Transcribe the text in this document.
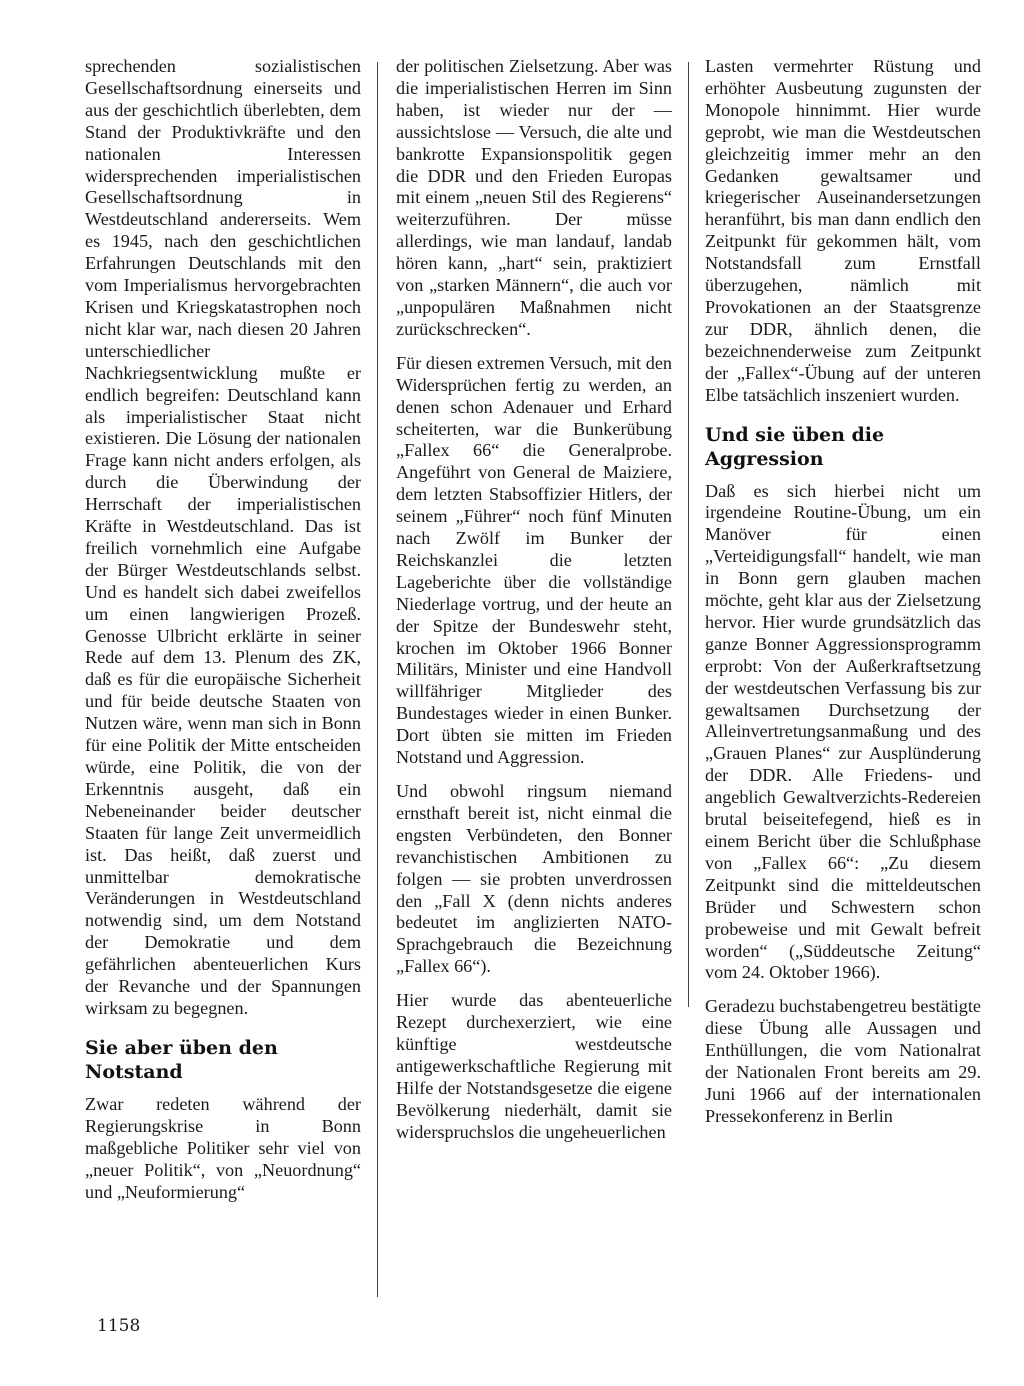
sprechenden sozialistischen Gesellschaftsordnung einerseits und aus der geschichtlich überlebten, dem Stand der Produktivkräfte und den nationalen Interessen widersprechenden imperialistischen Gesellschaftsordnung in Westdeutschland andererseits. Wem es 1945, nach den geschichtlichen Erfahrungen Deutschlands mit den vom Imperialismus hervorgebrachten Krisen und Kriegskatastrophen noch nicht klar war, nach diesen 20 Jahren unterschiedlicher Nachkriegsentwicklung mußte er endlich begreifen: Deutschland kann als imperialistischer Staat nicht existieren. Die Lösung der nationalen Frage kann nicht anders erfolgen, als durch die Überwindung der Herrschaft der imperialistischen Kräfte in Westdeutschland. Das ist freilich vornehmlich eine Aufgabe der Bürger Westdeutschlands selbst. Und es handelt sich dabei zweifellos um einen langwierigen Prozeß. Genosse Ulbricht erklärte in seiner Rede auf dem 13. Plenum des ZK, daß es für die europäische Sicherheit und für beide deutsche Staaten von Nutzen wäre, wenn man sich in Bonn für eine Politik der Mitte entscheiden würde, eine Politik, die von der Erkenntnis ausgeht, daß ein Nebeneinander beider deutscher Staaten für lange Zeit unvermeidlich ist. Das heißt, daß zuerst und unmittelbar demokratische Veränderungen in Westdeutschland notwendig sind, um dem Notstand der Demokratie und dem gefährlichen abenteuerlichen Kurs der Revanche und der Spannungen wirksam zu begegnen.

Sie aber üben den Notstand

Zwar redeten während der Regierungskrise in Bonn maßgebliche Politiker sehr viel von „neuer Politik“, von „Neuordnung“ und „Neuformierung“

der politischen Zielsetzung. Aber was die imperialistischen Herren im Sinn haben, ist wieder nur der — aussichtslose — Versuch, die alte und bankrotte Expansionspolitik gegen die DDR und den Frieden Europas mit einem „neuen Stil des Regierens“ weiterzuführen. Der müsse allerdings, wie man landauf, landab hören kann, „hart“ sein, praktiziert von „starken Männern“, die auch vor „unpopulären Maßnahmen nicht zurückschrecken“.

Für diesen extremen Versuch, mit den Widersprüchen fertig zu werden, an denen schon Adenauer und Erhard scheiterten, war die Bunkerübung „Fallex 66“ die Generalprobe. Angeführt von General de Maiziere, dem letzten Stabsoffizier Hitlers, der seinem „Führer“ noch fünf Minuten nach Zwölf im Bunker der Reichskanzlei die letzten Lageberichte über die vollständige Niederlage vortrug, und der heute an der Spitze der Bundeswehr steht, krochen im Oktober 1966 Bonner Militärs, Minister und eine Handvoll willfähriger Mitglieder des Bundestages wieder in einen Bunker. Dort übten sie mitten im Frieden Notstand und Aggression.

Und obwohl ringsum niemand ernsthaft bereit ist, nicht einmal die engsten Verbündeten, den Bonner revanchistischen Ambitionen zu folgen — sie probten unverdrossen den „Fall X (denn nichts anderes bedeutet im anglizierten NATO-Sprachgebrauch die Bezeichnung „Fallex 66“).

Hier wurde das abenteuerliche Rezept durchexerziert, wie eine künftige westdeutsche antigewerkschaftliche Regierung mit Hilfe der Notstandsgesetze die eigene Bevölkerung niederhält, damit sie widerspruchslos die ungeheuerlichen

Lasten vermehrter Rüstung und erhöhter Ausbeutung zugunsten der Monopole hinnimmt. Hier wurde geprobt, wie man die Westdeutschen gleichzeitig immer mehr an den Gedanken gewaltsamer und kriegerischer Auseinandersetzungen heranführt, bis man dann endlich den Zeitpunkt für gekommen hält, vom Notstandsfall zum Ernstfall überzugehen, nämlich mit Provokationen an der Staatsgrenze zur DDR, ähnlich denen, die bezeichnenderweise zum Zeitpunkt der „Fallex“-Übung auf der unteren Elbe tatsächlich inszeniert wurden.

Und sie üben die Aggression

Daß es sich hierbei nicht um irgendeine Routine-Übung, um ein Manöver für einen „Verteidigungsfall“ handelt, wie man in Bonn gern glauben machen möchte, geht klar aus der Zielsetzung hervor. Hier wurde grundsätzlich das ganze Bonner Aggressionsprogramm erprobt: Von der Außerkraftsetzung der westdeutschen Verfassung bis zur gewaltsamen Durchsetzung der Alleinvertretungsanmaßung und des „Grauen Planes“ zur Ausplünderung der DDR. Alle Friedens- und angeblich Gewaltverzichts-Redereien brutal beiseitefegend, hieß es in einem Bericht über die Schlußphase von „Fallex 66“: „Zu diesem Zeitpunkt sind die mitteldeutschen Brüder und Schwestern schon probeweise und mit Gewalt befreit worden“ („Süddeutsche Zeitung“ vom 24. Oktober 1966).

Geradezu buchstabengetreu bestätigte diese Übung alle Aussagen und Enthüllungen, die vom Nationalrat der Nationalen Front bereits am 29. Juni 1966 auf der internationalen Pressekonferenz in Berlin

1158
